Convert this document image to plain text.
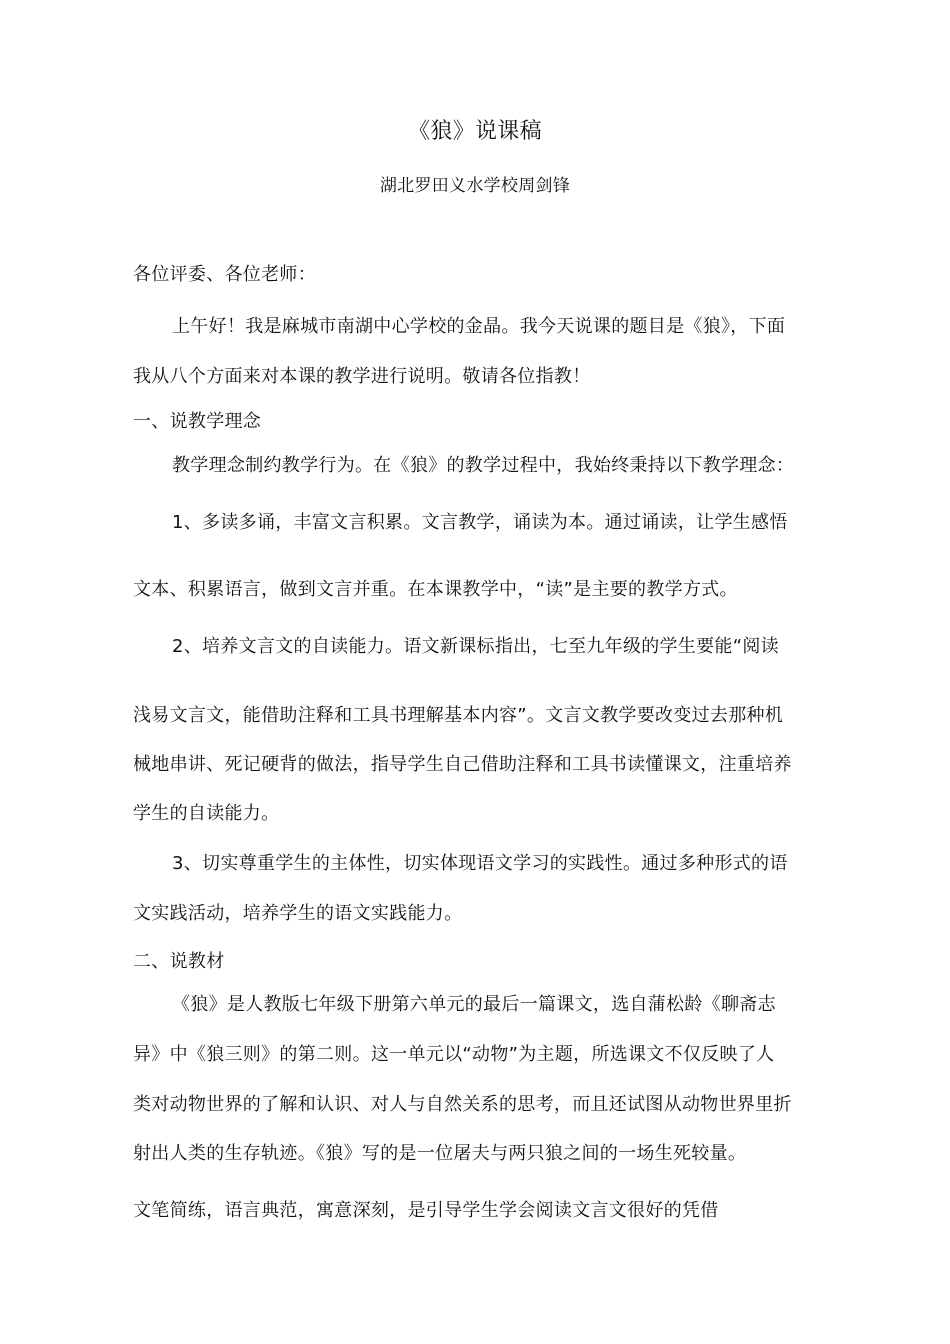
《狼》说课稿
湖北罗田义水学校周剑锋
各位评委、各位老师：
上午好！我是麻城市南湖中心学校的金晶。我今天说课的题目是《狼》，下面
我从八个方面来对本课的教学进行说明。敬请各位指教！
一、说教学理念
教学理念制约教学行为。在《狼》的教学过程中，我始终秉持以下教学理念：
1、多读多诵，丰富文言积累。文言教学，诵读为本。通过诵读，让学生感悟
文本、积累语言，做到文言并重。在本课教学中，“读”是主要的教学方式。
2、培养文言文的自读能力。语文新课标指出，七至九年级的学生要能“阅读
浅易文言文，能借助注释和工具书理解基本内容”。文言文教学要改变过去那种机
械地串讲、死记硬背的做法，指导学生自己借助注释和工具书读懂课文，注重培养
学生的自读能力。
3、切实尊重学生的主体性，切实体现语文学习的实践性。通过多种形式的语
文实践活动，培养学生的语文实践能力。
二、说教材
《狼》是人教版七年级下册第六单元的最后一篇课文，选自蒲松龄《聊斋志
异》中《狼三则》的第二则。这一单元以“动物”为主题，所选课文不仅反映了人
类对动物世界的了解和认识、对人与自然关系的思考，而且还试图从动物世界里折
射出人类的生存轨迹。《狼》写的是一位屠夫与两只狼之间的一场生死较量。
文笔简练，语言典范，寓意深刻，是引导学生学会阅读文言文很好的凭借
